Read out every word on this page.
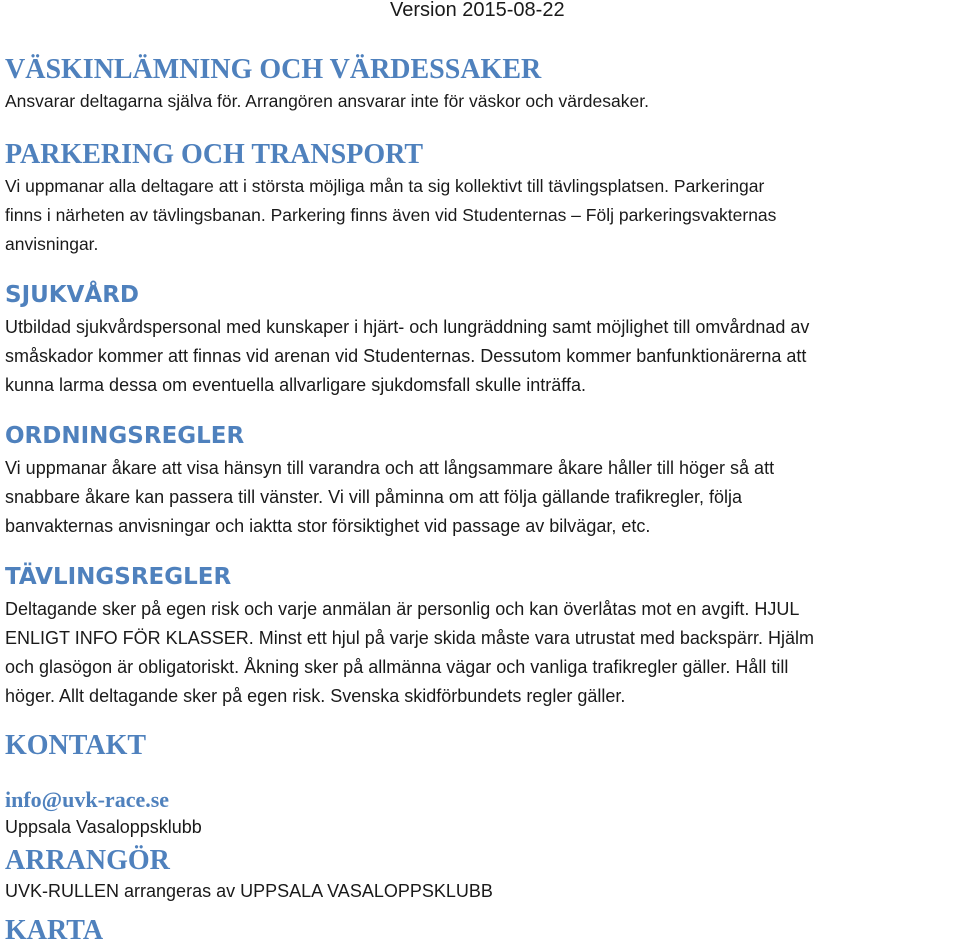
Version 2015-08-22
VÄSKINLÄMNING OCH VÄRDESSAKER

Ansvarar deltagarna själva för. Arrangören ansvarar inte för väskor och värdesaker.

PARKERING OCH TRANSPORT

Vi uppmanar alla deltagare att i största möjliga mån ta sig kollektivt till tävlingsplatsen. Parkeringar
finns i närheten av tävlingsbanan. Parkering finns även vid Studenternas – Följ parkeringsvakternas
anvisningar.

SJUKVÅRD

Utbildad sjukvårdspersonal med kunskaper i hjärt- och lungräddning samt möjlighet till omvårdnad av
småskador kommer att finnas vid arenan vid Studenternas. Dessutom kommer banfunktionärerna att
kunna larma dessa om eventuella allvarligare sjukdomsfall skulle inträffa.

ORDNINGSREGLER

Vi uppmanar åkare att visa hänsyn till varandra och att långsammare åkare håller till höger så att
snabbare åkare kan passera till vänster. Vi vill påminna om att följa gällande trafikregler, följa
banvakternas anvisningar och iaktta stor försiktighet vid passage av bilvägar, etc.

TÄVLINGSREGLER

Deltagande sker på egen risk och varje anmälan är personlig och kan överlåtas mot en avgift. HJUL
ENLIGT INFO FÖR KLASSER. Minst ett hjul på varje skida måste vara utrustat med backspärr. Hjälm
och glasögon är obligatoriskt. Åkning sker på allmänna vägar och vanliga trafikregler gäller. Håll till
höger. Allt deltagande sker på egen risk. Svenska skidförbundets regler gäller.

KONTAKT
info@uvk-race.se

Uppsala Vasaloppsklubb

ARRANGÖR

UVK-RULLEN arrangeras av UPPSALA VASALOPPSKLUBB

KARTA
